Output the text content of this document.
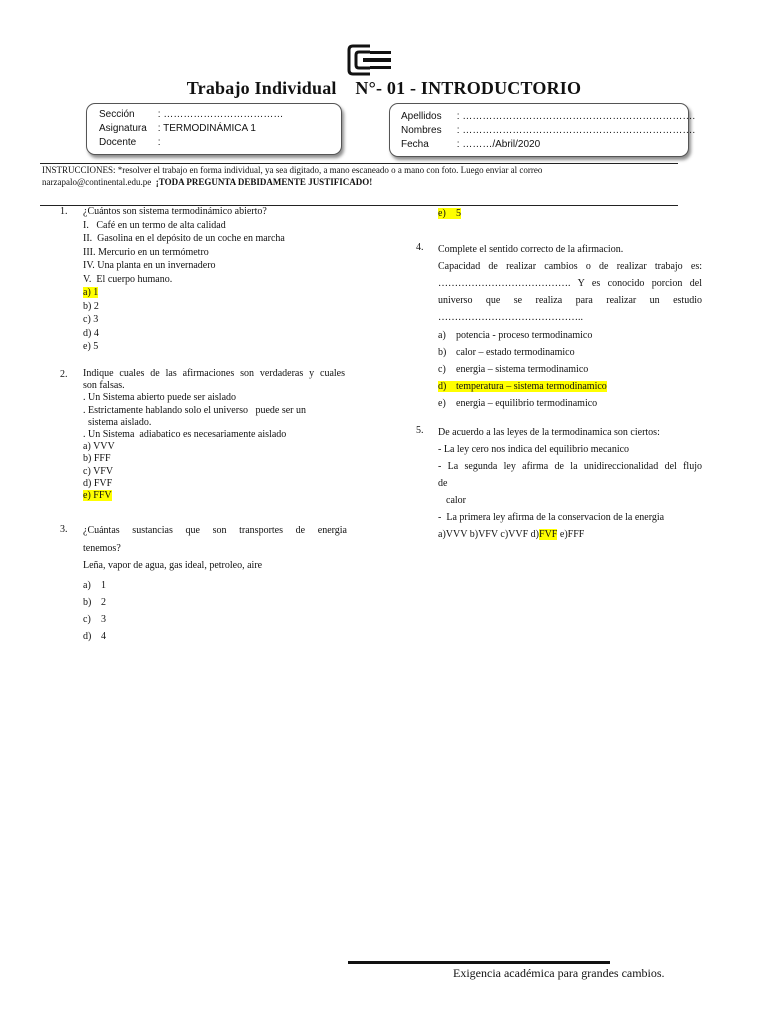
Trabajo Individual    N°- 01 - INTRODUCTORIO
Sección : ………………………………
Asignatura : TERMODINÁMICA 1
Docente :
Apellidos : …………………………………………………………….
Nombres : …………………………………………………………….
Fecha	: ………/Abril/2020
INSTRUCCIONES: *resolver el trabajo en forma individual, ya sea digitado, a mano escaneado o a mano con foto. Luego enviar al correo
narzapalo@continental.edu.pe ¡TODA PREGUNTA DEBIDAMENTE JUSTIFICADO!
1. ¿Cuántos son sistema termodinámico abierto?
I.   Café en un termo de alta calidad
II.  Gasolina en el depósito de un coche en marcha
III. Mercurio en un termómetro
IV. Una planta en un invernadero
V.  El cuerpo humano.
a) 1
b) 2
c) 3
d) 4
e) 5
2. Indique cuales de las afirmaciones son verdaderas y cuales
son falsas.
. Un Sistema abierto puede ser aislado
. Estrictamente hablando solo el universo   puede ser un
sistema aislado.
. Un Sistema  adiabatico es necesariamente aislado
a) VVV
b) FFF
c) VFV
d) FVF
e) FFV
3. ¿Cuántas sustancias que son transportes de energia
tenemos?
Leña, vapor de agua, gas ideal, petroleo, aire
a) 1
b) 2
c) 3
d) 4
e) 5
4. Complete el sentido correcto de la afirmacion.
Capacidad de realizar cambios o de realizar trabajo es:
…………………………………. Y es conocido porcion del
universo que se realiza para realizar un estudio
……………………………………..
a) potencia - proceso termodinamico
b) calor – estado termodinamico
c) energia – sistema termodinamico
d) temperatura – sistema termodinamico
e) energia – equilibrio termodinamico
5. De acuerdo a las leyes de la termodinamica son ciertos:
- La ley cero nos indica del equilibrio mecanico
- La segunda ley afirma de la unidireccionalidad del flujo
de
calor
-  La primera ley afirma de la conservacion de la energia
a)VVV b)VFV c)VVF d)FVF e)FFF
Exigencia académica para grandes cambios.
